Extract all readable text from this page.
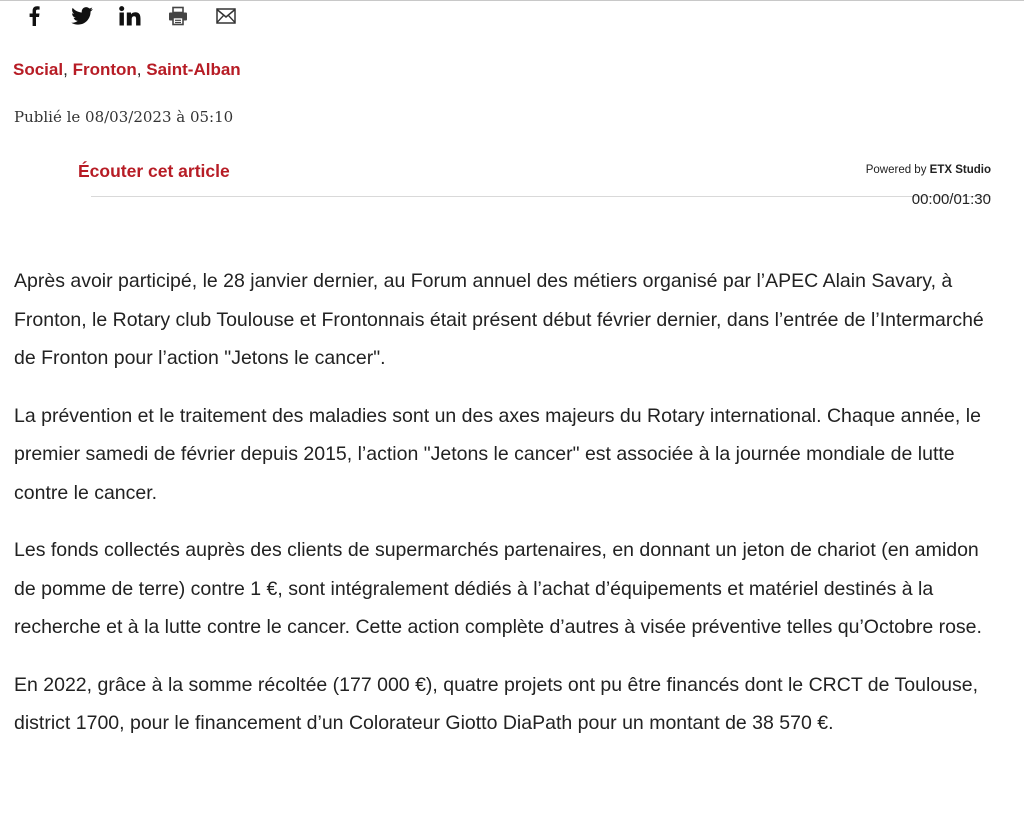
Social, Fronton, Saint-Alban
Publié le 08/03/2023 à 05:10
Écouter cet article	Powered by ETX Studio
00:00/01:30

Après avoir participé, le 28 janvier dernier, au Forum annuel des métiers organisé par l’APEC Alain Savary, à Fronton, le Rotary club Toulouse et Frontonnais était présent début février dernier, dans l’entrée de l’Intermarché de Fronton pour l’action "Jetons le cancer".

La prévention et le traitement des maladies sont un des axes majeurs du Rotary international. Chaque année, le premier samedi de février depuis 2015, l’action "Jetons le cancer" est associée à la journée mondiale de lutte contre le cancer.

Les fonds collectés auprès des clients de supermarchés partenaires, en donnant un jeton de chariot (en amidon de pomme de terre) contre 1 €, sont intégralement dédiés à l’achat d’équipements et matériel destinés à la recherche et à la lutte contre le cancer. Cette action complète d’autres à visée préventive telles qu’Octobre rose.

En 2022, grâce à la somme récoltée (177 000 €), quatre projets ont pu être financés dont le CRCT de Toulouse, district 1700, pour le financement d’un Colorateur Giotto DiaPath pour un montant de 38 570 €.
